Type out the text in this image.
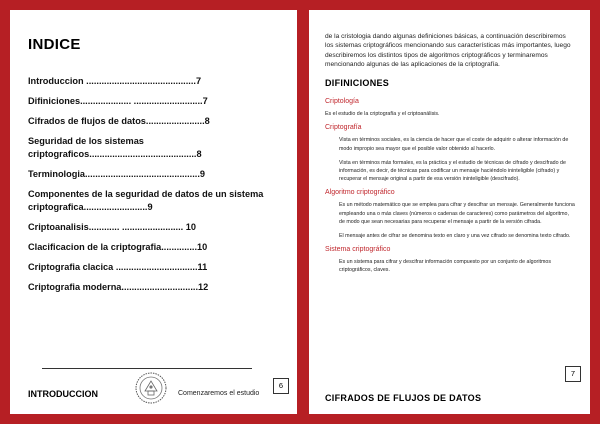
INDICE
Introduccion ...........................................7
Difiniciones.................... ...........................7
Cifrados de flujos de datos.......................8
Seguridad de los sistemas criptograficos..........................................8
Terminologia.............................................9
Componentes de la seguridad de datos de un sistema criptografica.........................9
Criptoanalisis............ ........................ 10
Clacificacion de la criptografia..............10
Criptografia clacica ................................11
Criptografia moderna..............................12
INTRODUCCION	Comenzaremos el estudio
6

de la cristologia dando algunas definiciones básicas, a continuación describiremos los sistemas criptográficos mencionando sus características más importantes, luego describiremos los distintos tipos de algoritmos criptográficos y terminaremos mencionando algunas de las aplicaciones de la criptografía.

DIFINICIONES
Criptología

Es el estudio de la criptografía y el criptoanálisis.

Criptografía

Vista en términos sociales, es la ciencia de hacer que el coste de adquirir o alterar información de modo impropio sea mayor que el posible valor obtenido al hacerlo.

Vista en términos más formales, es la práctica y el estudio de técnicas de cifrado y descifrado de información, es decir, de técnicas para codificar un mensaje haciéndolo ininteligible (cifrado) y recuperar el mensaje original a partir de esa versión ininteligible (descifrado).

Algoritmo criptográfico

Es un método matemático que se emplea para cifrar y descifrar un mensaje. Generalmente funciona empleando una o más claves (números o cadenas de caracteres) como parámetros del algoritmo, de modo que sean necesarias para recuperar el mensaje a partir de la versión cifrada.

El mensaje antes de cifrar se denomina texto en claro y una vez cifrado se denomina texto cifrado.

Sistema criptográfico

Es un sistema para cifrar y descifrar información compuesto por un conjunto de algoritmos criptográficos, claves.

7
CIFRADOS DE FLUJOS DE DATOS
